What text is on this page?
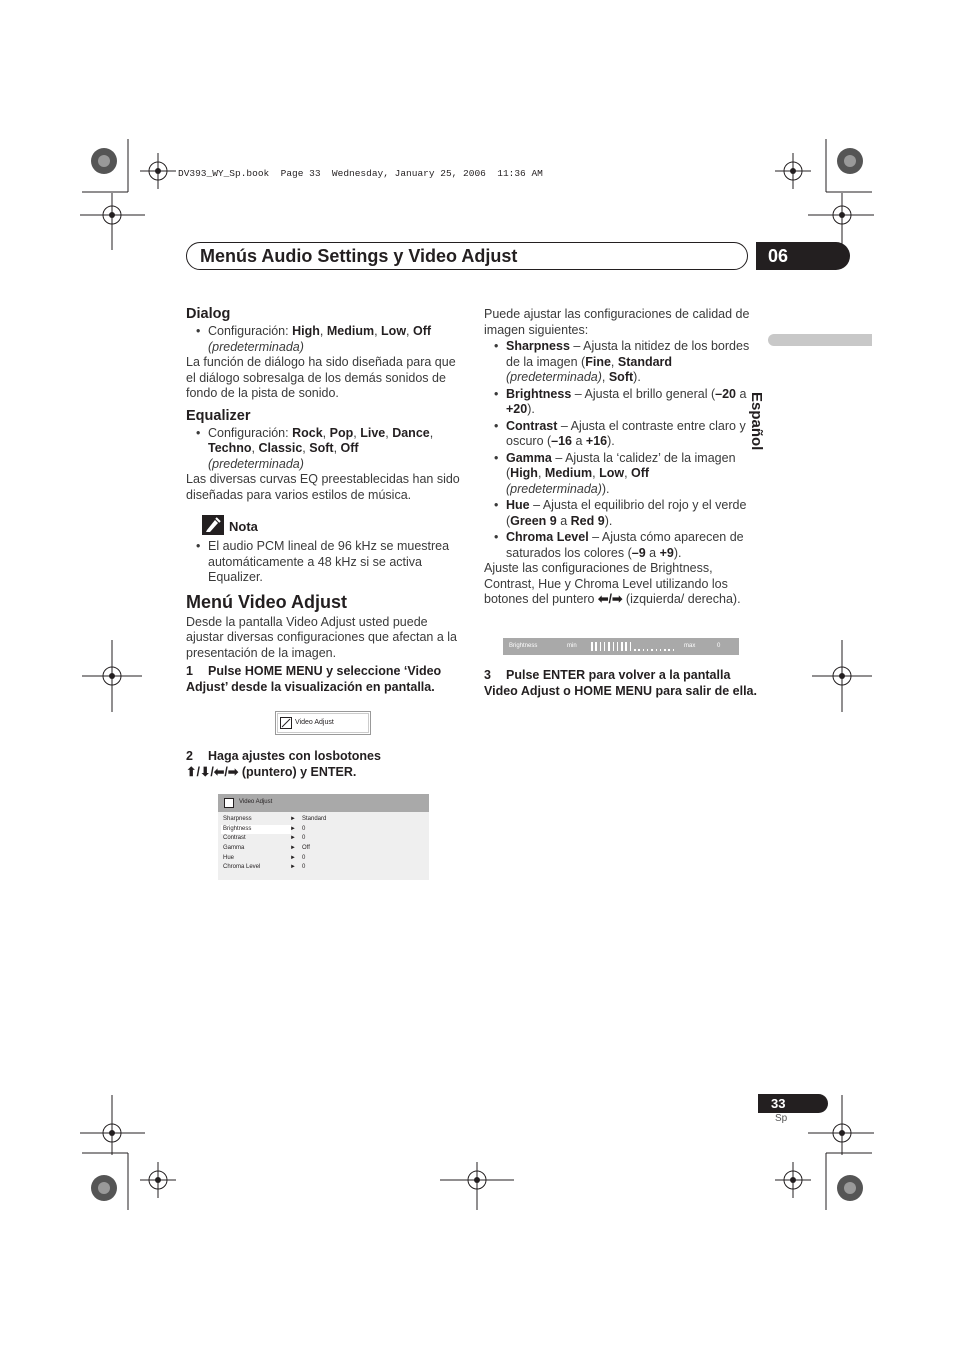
DV393_WY_Sp.book  Page 33  Wednesday, January 25, 2006  11:36 AM
Menús Audio Settings y Video Adjust	06
Español
Dialog
• Configuración: High, Medium, Low, Off
(predeterminada)
La función de diálogo ha sido diseñada para que el diálogo sobresalga de los demás sonidos de fondo de la pista de sonido.
Equalizer
• Configuración: Rock, Pop, Live, Dance,
Techno, Classic, Soft, Off
(predeterminada)
Las diversas curvas EQ preestablecidas han sido diseñadas para varios estilos de música.
Nota
• El audio PCM lineal de 96 kHz se muestrea automáticamente a 48 kHz si se activa Equalizer.
Menú Video Adjust
Desde la pantalla Video Adjust usted puede ajustar diversas configuraciones que afectan a la presentación de la imagen.
1 Pulse HOME MENU y seleccione ‘Video Adjust’ desde la visualización en pantalla.
Video Adjust
2 Haga ajustes con losbotones
⬆/⬇/⬅/➡ (puntero) y ENTER.
Video Adjust
Sharpness	► Standard
Brightness	► 0
Contrast	► 0
Gamma	► Off
Hue	► 0
Chroma Level	► 0
Puede ajustar las configuraciones de calidad de imagen siguientes:
• Sharpness – Ajusta la nitidez de los bordes de la imagen (Fine, Standard
(predeterminada), Soft).
• Brightness – Ajusta el brillo general (–20 a +20).
• Contrast – Ajusta el contraste entre claro y oscuro (–16 a +16).
• Gamma – Ajusta la ‘calidez’ de la imagen (High, Medium, Low, Off
(predeterminada)).
• Hue – Ajusta el equilibrio del rojo y el verde (Green 9 a Red 9).
• Chroma Level – Ajusta cómo aparecen de saturados los colores (–9 a +9).
Ajuste las configuraciones de Brightness, Contrast, Hue y Chroma Level utilizando los botones del puntero ⬅/➡ (izquierda/ derecha).
Brightness	min	max	0
3 Pulse ENTER para volver a la pantalla Video Adjust o HOME MENU para salir de ella.
33
Sp
